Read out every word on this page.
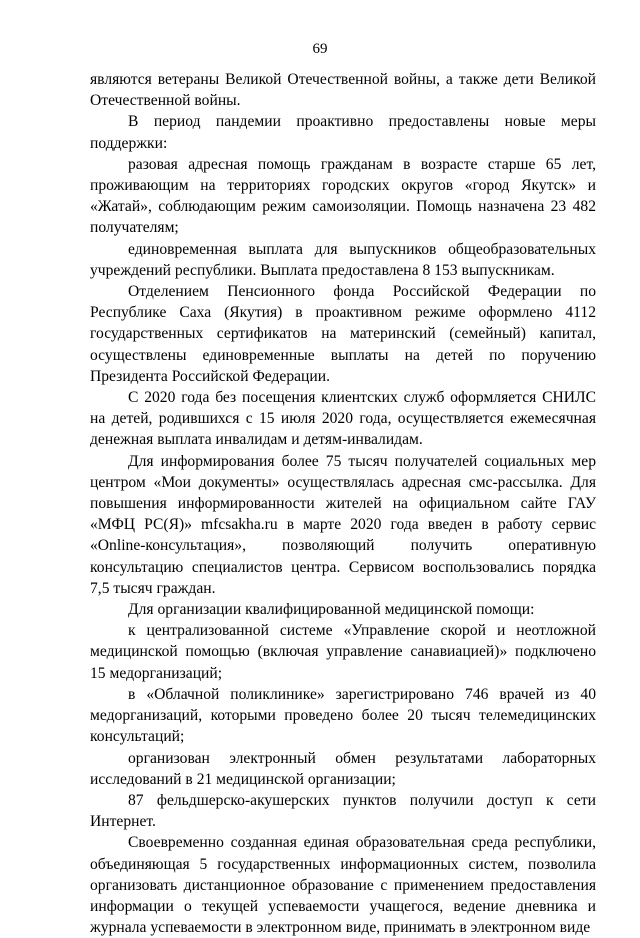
69

являются ветераны Великой Отечественной войны, а также дети Великой Отечественной войны.

В период пандемии проактивно предоставлены новые меры поддержки:

разовая адресная помощь гражданам в возрасте старше 65 лет, проживающим на территориях городских округов «город Якутск» и «Жатай», соблюдающим режим самоизоляции. Помощь назначена 23 482 получателям;

единовременная выплата для выпускников общеобразовательных учреждений республики. Выплата предоставлена 8 153 выпускникам.

Отделением Пенсионного фонда Российской Федерации по Республике Саха (Якутия) в проактивном режиме оформлено 4112 государственных сертификатов на материнский (семейный) капитал, осуществлены единовременные выплаты на детей по поручению Президента Российской Федерации.

С 2020 года без посещения клиентских служб оформляется СНИЛС на детей, родившихся с 15 июля 2020 года, осуществляется ежемесячная денежная выплата инвалидам и детям-инвалидам.

Для информирования более 75 тысяч получателей социальных мер центром «Мои документы» осуществлялась адресная смс-рассылка. Для повышения информированности жителей на официальном сайте ГАУ «МФЦ РС(Я)» mfcsakha.ru в марте 2020 года введен в работу сервис «Online-консультация», позволяющий получить оперативную консультацию специалистов центра. Сервисом воспользовались порядка 7,5 тысяч граждан.

Для организации квалифицированной медицинской помощи:

к централизованной системе «Управление скорой и неотложной медицинской помощью (включая управление санавиацией)» подключено 15 медорганизаций;

в «Облачной поликлинике» зарегистрировано 746 врачей из 40 медорганизаций, которыми проведено более 20 тысяч телемедицинских консультаций;

организован электронный обмен результатами лабораторных исследований в 21 медицинской организации;

87 фельдшерско-акушерских пунктов получили доступ к сети Интернет.

Своевременно созданная единая образовательная среда республики, объединяющая 5 государственных информационных систем, позволила организовать дистанционное образование с применением предоставления информации о текущей успеваемости учащегося, ведение дневника и журнала успеваемости в электронном виде, принимать в электронном виде
